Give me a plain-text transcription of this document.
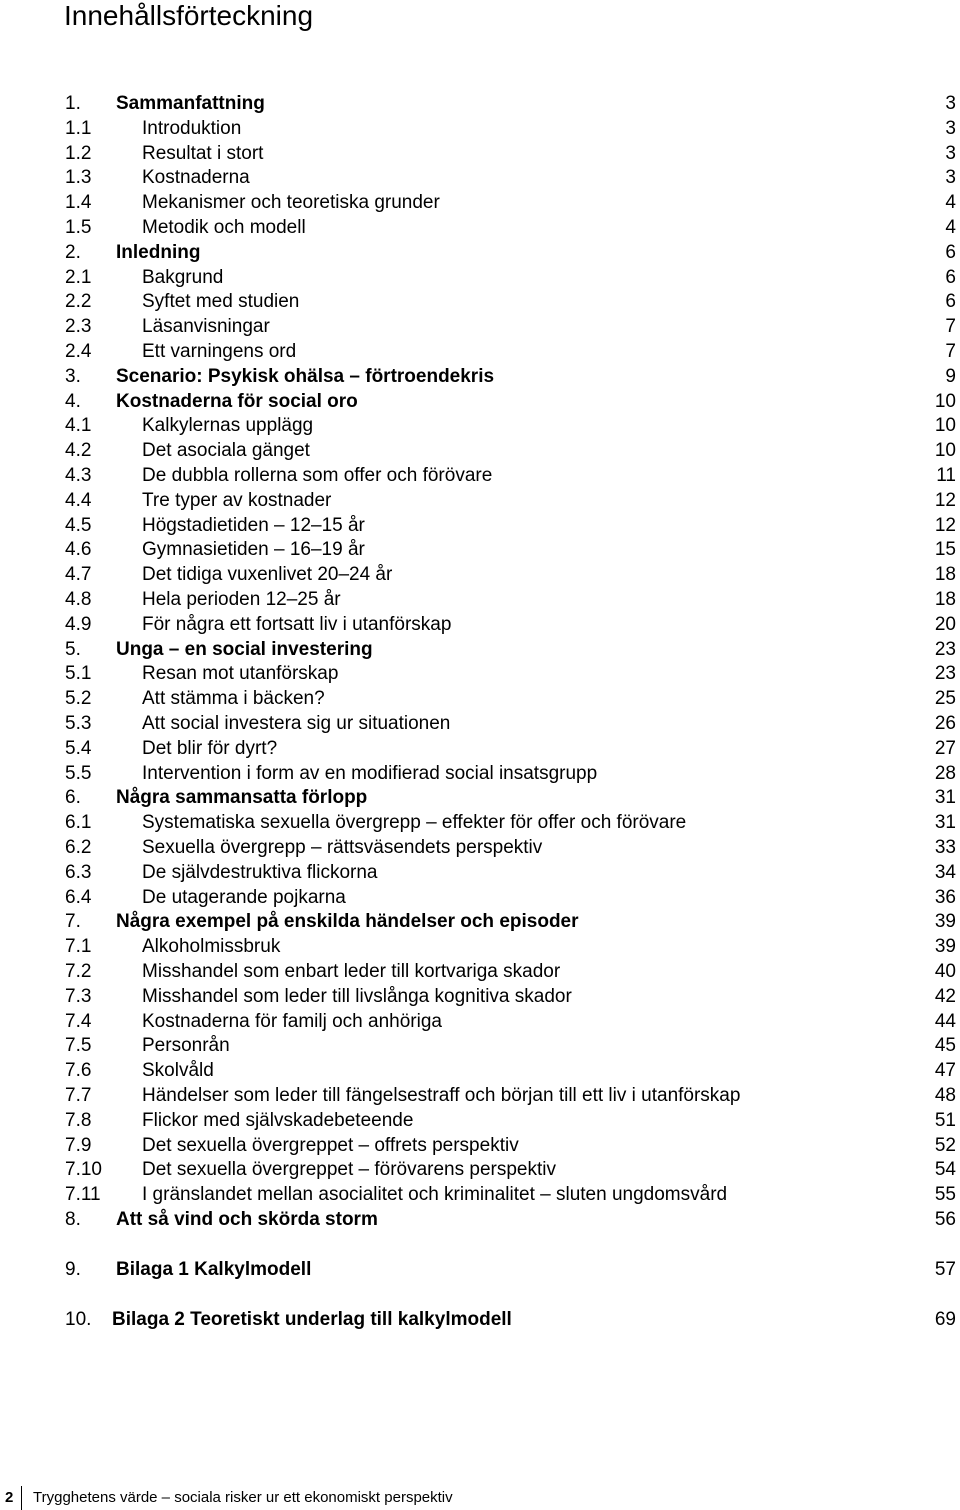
Innehållsförteckning
1. Sammanfattning	3
1.1	Introduktion	3
1.2	Resultat i stort	3
1.3	Kostnaderna	3
1.4	Mekanismer och teoretiska grunder	4
1.5	Metodik och modell	4
2. Inledning	6
2.1	Bakgrund	6
2.2	Syftet med studien	6
2.3	Läsanvisningar	7
2.4	Ett varningens ord	7
3. Scenario: Psykisk ohälsa – förtroendekris	9
4. Kostnaderna för social oro	10
4.1	Kalkylernas upplägg	10
4.2	Det asociala gänget	10
4.3	De dubbla rollerna som offer och förövare	11
4.4	Tre typer av kostnader	12
4.5	Högstadietiden – 12–15 år	12
4.6	Gymnasietiden – 16–19 år	15
4.7	Det tidiga vuxenlivet 20–24 år	18
4.8	Hela perioden 12–25 år	18
4.9	För några ett fortsatt liv i utanförskap	20
5. Unga – en social investering	23
5.1	Resan mot utanförskap	23
5.2	Att stämma i bäcken?	25
5.3	Att social investera sig ur situationen	26
5.4	Det blir för dyrt?	27
5.5	Intervention i form av en modifierad social insatsgrupp	28
6. Några sammansatta förlopp	31
6.1	Systematiska sexuella övergrepp – effekter för offer och förövare	31
6.2	Sexuella övergrepp – rättsväsendets perspektiv	33
6.3	De självdestruktiva flickorna	34
6.4	De utagerande pojkarna	36
7. Några exempel på enskilda händelser och episoder	39
7.1	Alkoholmissbruk	39
7.2	Misshandel som enbart leder till kortvariga skador	40
7.3	Misshandel som leder till livslånga kognitiva skador	42
7.4	Kostnaderna för familj och anhöriga	44
7.5	Personrån	45
7.6	Skolvåld	47
7.7	Händelser som leder till fängelsestraff och början till ett liv i utanförskap	48
7.8	Flickor med självskadebeteende	51
7.9	Det sexuella övergreppet – offrets perspektiv	52
7.10 Det sexuella övergreppet – förövarens perspektiv	54
7.11 I gränslandet mellan asocialitet och kriminalitet – sluten ungdomsvård	55
8. Att så vind och skörda storm	56
9. Bilaga 1 Kalkylmodell	57
10. Bilaga 2 Teoretiskt underlag till kalkylmodell	69
2 Trygghetens värde – sociala risker ur ett ekonomiskt perspektiv
